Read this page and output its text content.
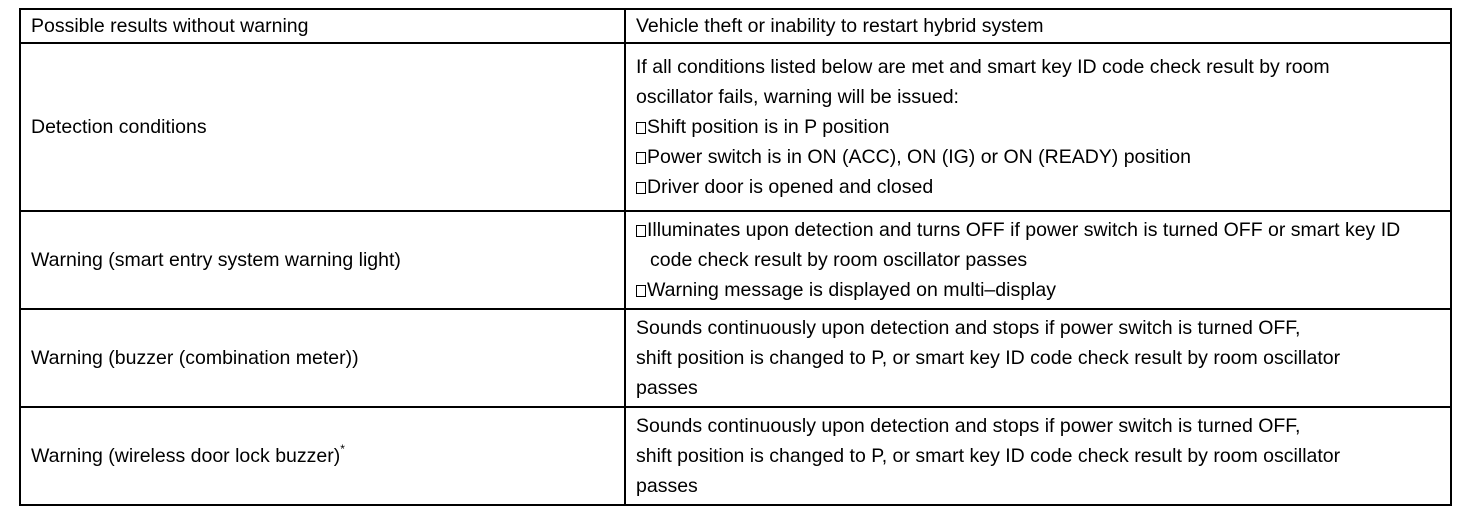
Possible results without warning	Vehicle theft or inability to restart hybrid system
Detection conditions	If all conditions listed below are met and smart key ID code check result by room
oscillator fails, warning will be issued:
Shift position is in P position
Power switch is in ON (ACC), ON (IG) or ON (READY) position
Driver door is opened and closed

Warning (smart entry system warning light)	Illuminates upon detection and turns OFF if power switch is turned OFF or smart key ID code check result by room oscillator passes
Warning message is displayed on multi–display

Warning (buzzer (combination meter))	Sounds continuously upon detection and stops if power switch is turned OFF,
shift position is changed to P, or smart key ID code check result by room oscillator
passes

Warning (wireless door lock buzzer)*	Sounds continuously upon detection and stops if power switch is turned OFF,
shift position is changed to P, or smart key ID code check result by room oscillator
passes
